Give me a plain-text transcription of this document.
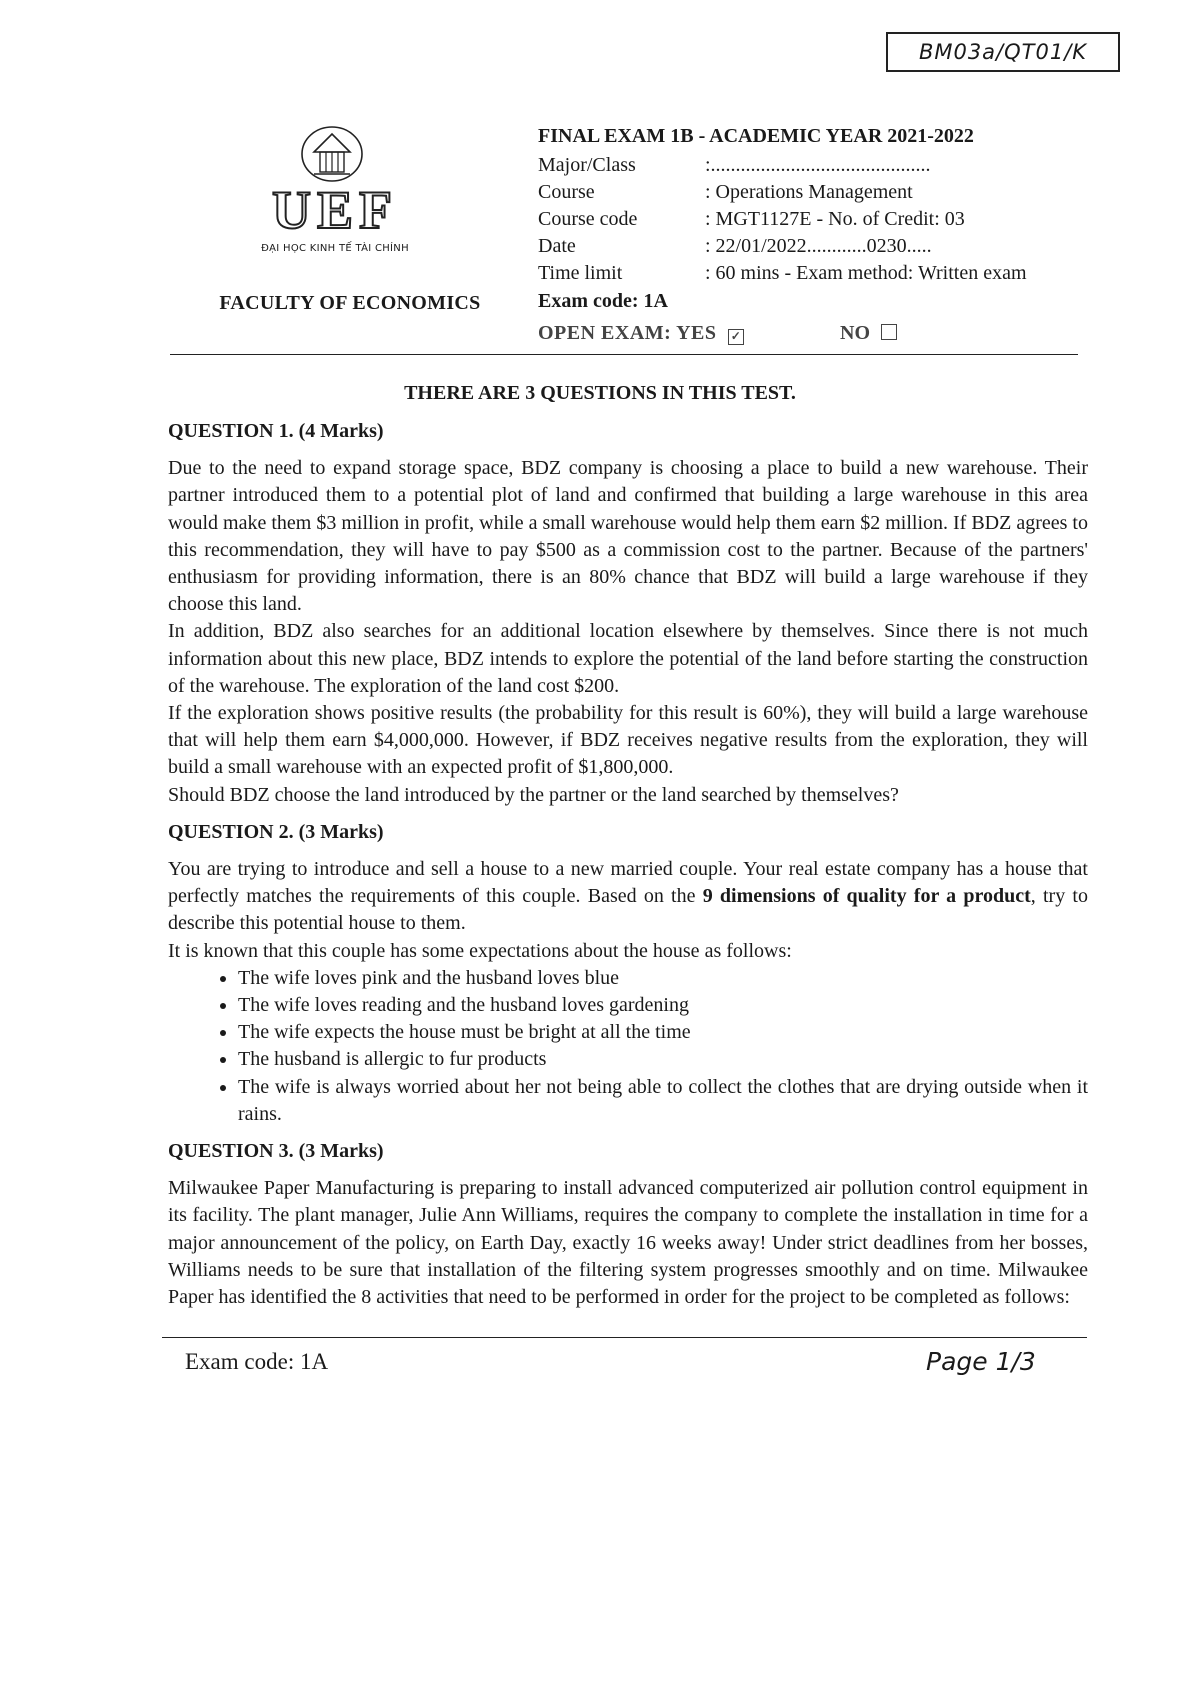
BM03a/QT01/K
UEF
ĐẠI HỌC KINH TẾ TÀI CHÍNH
FACULTY OF ECONOMICS
FINAL EXAM 1B - ACADEMIC YEAR 2021-2022
Major/Class	:............................................
Course	: Operations Management
Course code	: MGT1127E - No. of Credit: 03
Date	: 22/01/2022............0230.....
Time limit	: 60 mins - Exam method: Written exam
Exam code: 1A
OPEN EXAM: YES ✓	NO
THERE ARE 3 QUESTIONS IN THIS TEST.
QUESTION 1. (4 Marks)

Due to the need to expand storage space, BDZ company is choosing a place to build a new warehouse. Their partner introduced them to a potential plot of land and confirmed that building a large warehouse in this area would make them $3 million in profit, while a small warehouse would help them earn $2 million. If BDZ agrees to this recommendation, they will have to pay $500 as a commission cost to the partner. Because of the partners' enthusiasm for providing information, there is an 80% chance that BDZ will build a large warehouse if they choose this land.

In addition, BDZ also searches for an additional location elsewhere by themselves. Since there is not much information about this new place, BDZ intends to explore the potential of the land before starting the construction of the warehouse. The exploration of the land cost $200.

If the exploration shows positive results (the probability for this result is 60%), they will build a large warehouse that will help them earn $4,000,000. However, if BDZ receives negative results from the exploration, they will build a small warehouse with an expected profit of $1,800,000.

Should BDZ choose the land introduced by the partner or the land searched by themselves?

QUESTION 2. (3 Marks)

You are trying to introduce and sell a house to a new married couple. Your real estate company has a house that perfectly matches the requirements of this couple. Based on the 9 dimensions of quality for a product, try to describe this potential house to them.

It is known that this couple has some expectations about the house as follows:

• The wife loves pink and the husband loves blue
• The wife loves reading and the husband loves gardening
• The wife expects the house must be bright at all the time
• The husband is allergic to fur products
• The wife is always worried about her not being able to collect the clothes that are drying outside when it rains.
QUESTION 3. (3 Marks)

Milwaukee Paper Manufacturing is preparing to install advanced computerized air pollution control equipment in its facility. The plant manager, Julie Ann Williams, requires the company to complete the installation in time for a major announcement of the policy, on Earth Day, exactly 16 weeks away! Under strict deadlines from her bosses, Williams needs to be sure that installation of the filtering system progresses smoothly and on time. Milwaukee Paper has identified the 8 activities that need to be performed in order for the project to be completed as follows:

Exam code: 1A	Page 1/3
